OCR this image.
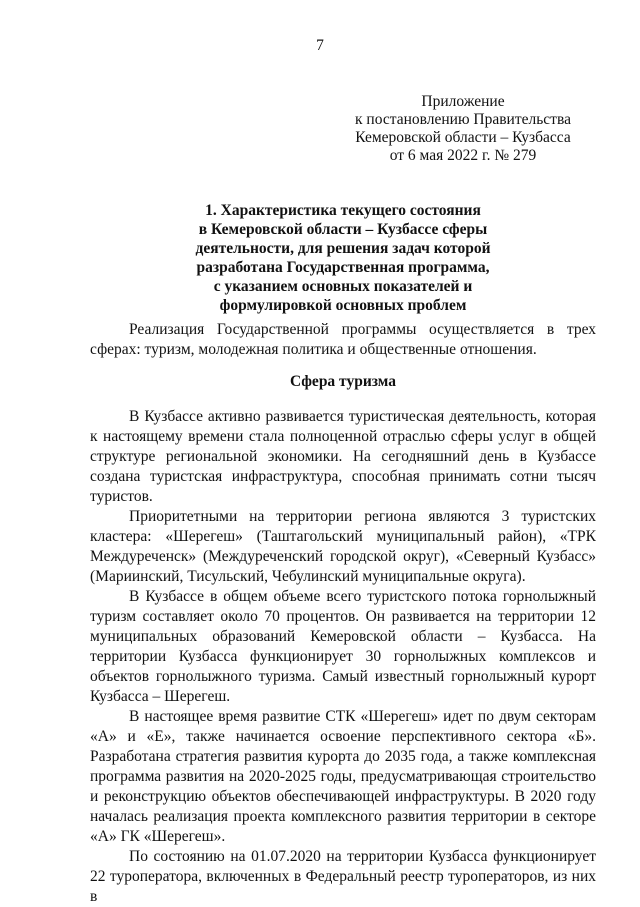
7
Приложение
к постановлению Правительства
Кемеровской области – Кузбасса
от 6 мая 2022 г. № 279
1. Характеристика текущего состояния
в Кемеровской области – Кузбассе сферы
деятельности, для решения задач которой
разработана Государственная программа,
с указанием основных показателей и
формулировкой основных проблем

Реализация Государственной программы осуществляется в трех сферах: туризм, молодежная политика и общественные отношения.

Сфера туризма

В Кузбассе активно развивается туристическая деятельность, которая к настоящему времени стала полноценной отраслью сферы услуг в общей структуре региональной экономики. На сегодняшний день в Кузбассе создана туристская инфраструктура, способная принимать сотни тысяч туристов.

Приоритетными на территории региона являются 3 туристских кластера: «Шерегеш» (Таштагольский муниципальный район), «ТРК Междуреченск» (Междуреченский городской округ), «Северный Кузбасс» (Мариинский, Тисульский, Чебулинский муниципальные округа).

В Кузбассе в общем объеме всего туристского потока горнолыжный туризм составляет около 70 процентов. Он развивается на территории 12 муниципальных образований Кемеровской области – Кузбасса. На территории Кузбасса функционирует 30 горнолыжных комплексов и объектов горнолыжного туризма. Самый известный горнолыжный курорт Кузбасса – Шерегеш.

В настоящее время развитие СТК «Шерегеш» идет по двум секторам «А» и «Е», также начинается освоение перспективного сектора «Б». Разработана стратегия развития курорта до 2035 года, а также комплексная программа развития на 2020-2025 годы, предусматривающая строительство и реконструкцию объектов обеспечивающей инфраструктуры. В 2020 году началась реализация проекта комплексного развития территории в секторе «А» ГК «Шерегеш».

По состоянию на 01.07.2020 на территории Кузбасса функционирует 22 туроператора, включенных в Федеральный реестр туроператоров, из них в
